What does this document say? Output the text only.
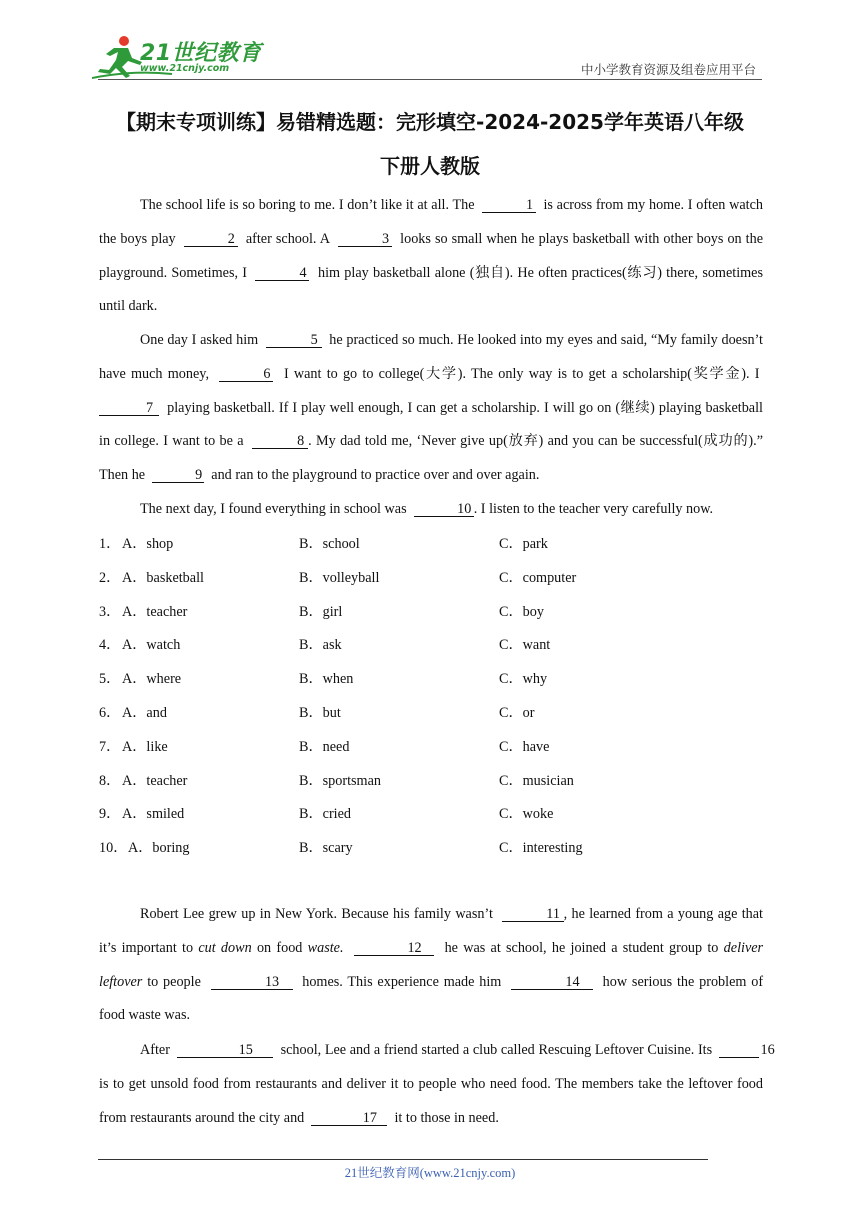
21世纪教育
www.21cnjy.com	中小学教育资源及组卷应用平台
【期末专项训练】易错精选题：完形填空-2024-2025学年英语八年级
下册人教版
The school life is so boring to me. I don’t like it at all. The	1 is across from my home. I often watch the boys play	2 after school. A	3 looks so small when he plays basketball with other boys on the playground. Sometimes, I	4 him play basketball alone (独自). He often practices(练习) there, sometimes until dark.
One day I asked him	5 he practiced so much. He looked into my eyes and said, “My family doesn’t have much money,	6 I want to go to college(大学). The only way is to get a scholarship(奖学金). I  7 playing basketball. If I play well enough, I can get a scholarship. I will go on (继续) playing basketball in college. I want to be a	8 . My dad told me, ‘Never give up(放弃) and you can be successful(成功的).” Then he	9 and ran to the playground to practice over and over again.
The next day, I found everything in school was	10 . I listen to the teacher very carefully now.
1． A．shop	B．school	C．park
2． A．basketball	B．volleyball	C．computer
3． A．teacher	B．girl	C．boy
4． A．watch	B．ask	C．want
5． A．where	B．when	C．why
6． A．and	B．but	C．or
7． A．like	B．need	C．have
8． A．teacher	B．sportsman	C．musician
9． A．smiled	B．cried	C．woke
10． A．boring	B．scary	C．interesting
Robert Lee grew up in New York. Because his family wasn’t	11 , he learned from a young age that it’s important to cut down on food waste.	12 he was at school, he joined a student group to deliver leftover to people	13 homes. This experience made him	14 how serious the problem of food waste was.
After	15 school, Lee and a friend started a club called Rescuing Leftover Cuisine. Its	16  is to get unsold food from restaurants and deliver it to people who need food. The members take the leftover food from restaurants around the city and	17 it to those in need.
21世纪教育网(www.21cnjy.com)
